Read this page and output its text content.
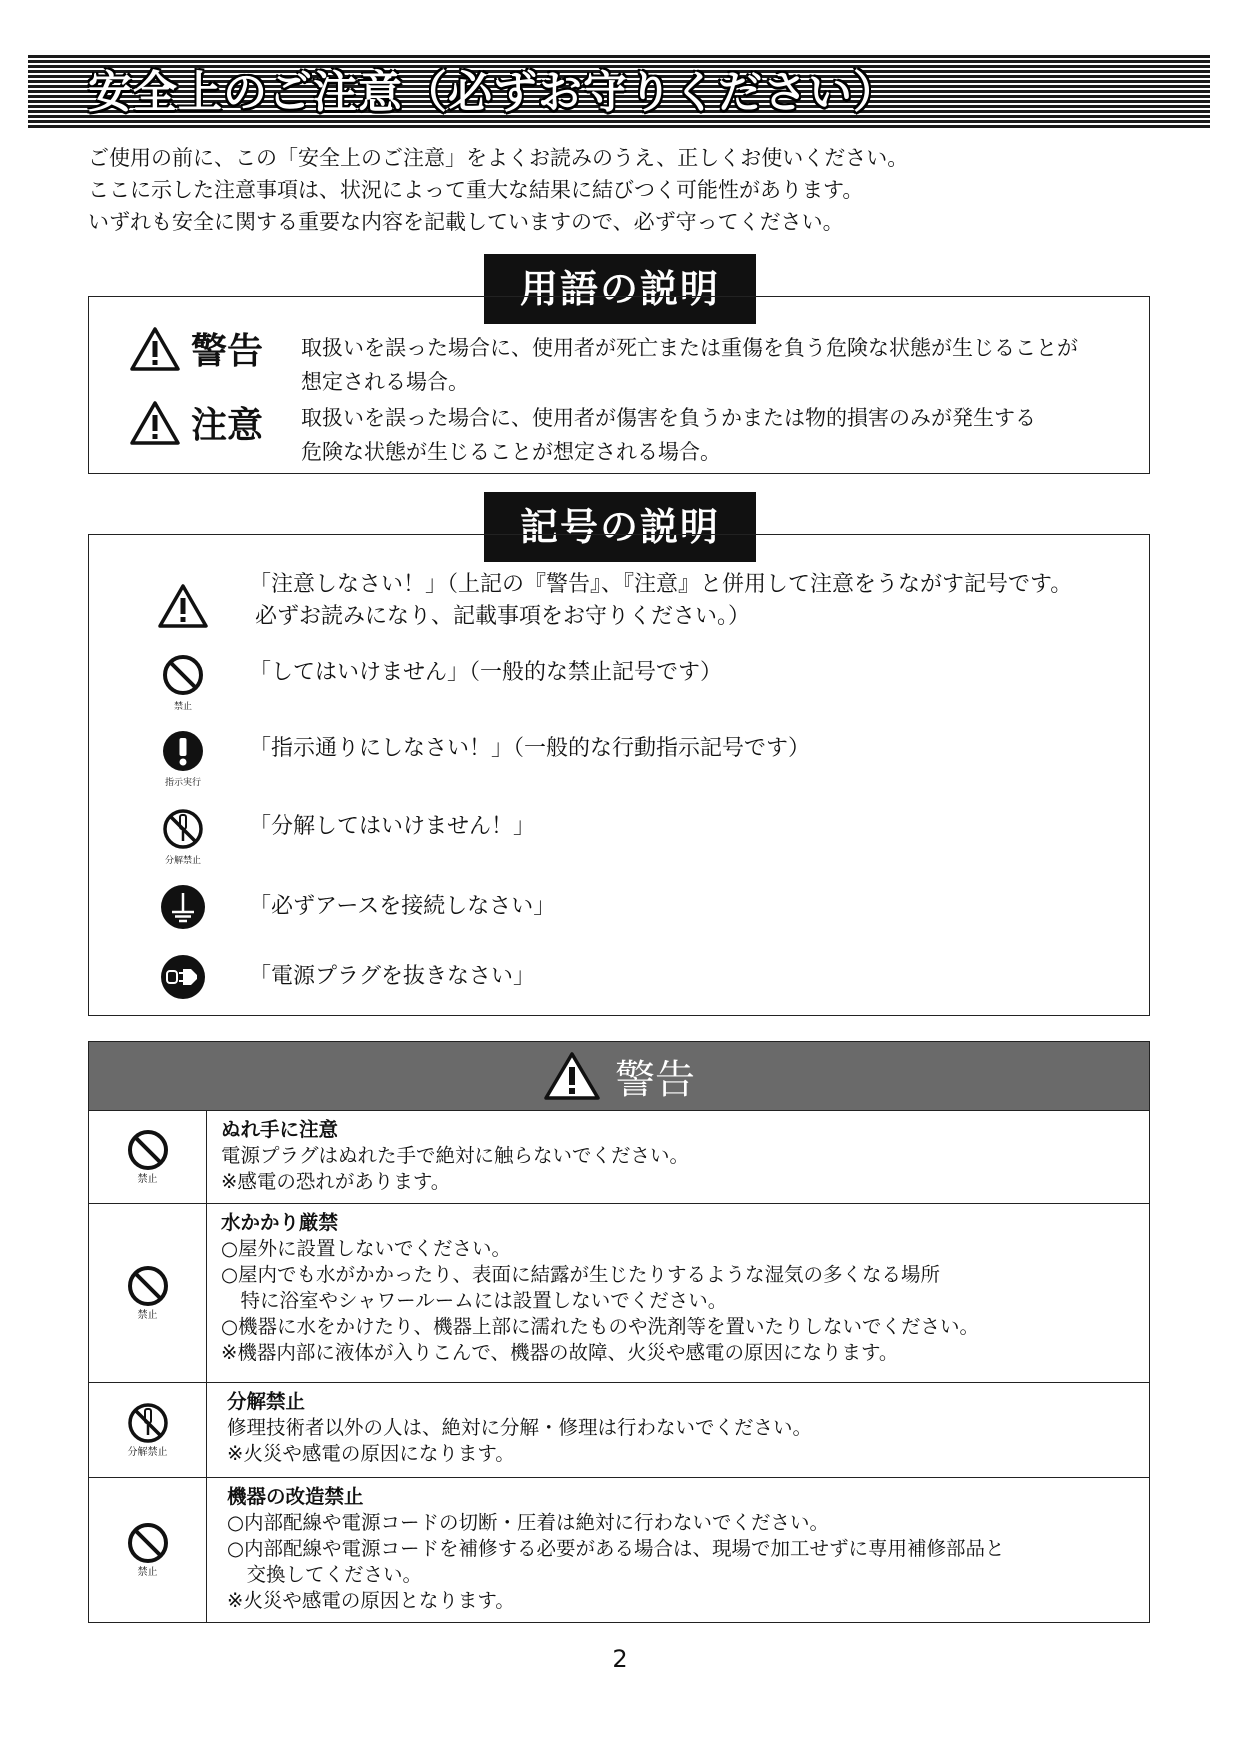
安全上のご注意（必ずお守りください）

ご使用の前に、この「安全上のご注意」をよくお読みのうえ、正しくお使いください。

ここに示した注意事項は、状況によって重大な結果に結びつく可能性があります。

いずれも安全に関する重要な内容を記載していますので、必ず守ってください。

用語の説明
警告 取扱いを誤った場合に、使用者が死亡または重傷を負う危険な状態が生じることが
想定される場合。
注意 取扱いを誤った場合に、使用者が傷害を負うかまたは物的損害のみが発生する
危険な状態が生じることが想定される場合。
記号の説明
「注意しなさい！」（上記の『警告』、『注意』と併用して注意をうながす記号です。
必ずお読みになり、記載事項をお守りください。）
禁止
「してはいけません」（一般的な禁止記号です）
指示実行
「指示通りにしなさい！」（一般的な行動指示記号です）
分解禁止
「分解してはいけません！」
「必ずアースを接続しなさい」
「電源プラグを抜きなさい」
警告
禁止
ぬれ手に注意
電源プラグはぬれた手で絶対に触らないでください。
※感電の恐れがあります。
禁止
水かかり厳禁
○屋外に設置しないでください。
○屋内でも水がかかったり、表面に結露が生じたりするような湿気の多くなる場所
　特に浴室やシャワールームには設置しないでください。
○機器に水をかけたり、機器上部に濡れたものや洗剤等を置いたりしないでください。
※機器内部に液体が入りこんで、機器の故障、火災や感電の原因になります。
分解禁止
分解禁止
修理技術者以外の人は、絶対に分解・修理は行わないでください。
※火災や感電の原因になります。
禁止
機器の改造禁止
○内部配線や電源コードの切断・圧着は絶対に行わないでください。
○内部配線や電源コードを補修する必要がある場合は、現場で加工せずに専用補修部品と
　交換してください。
※火災や感電の原因となります。
2
